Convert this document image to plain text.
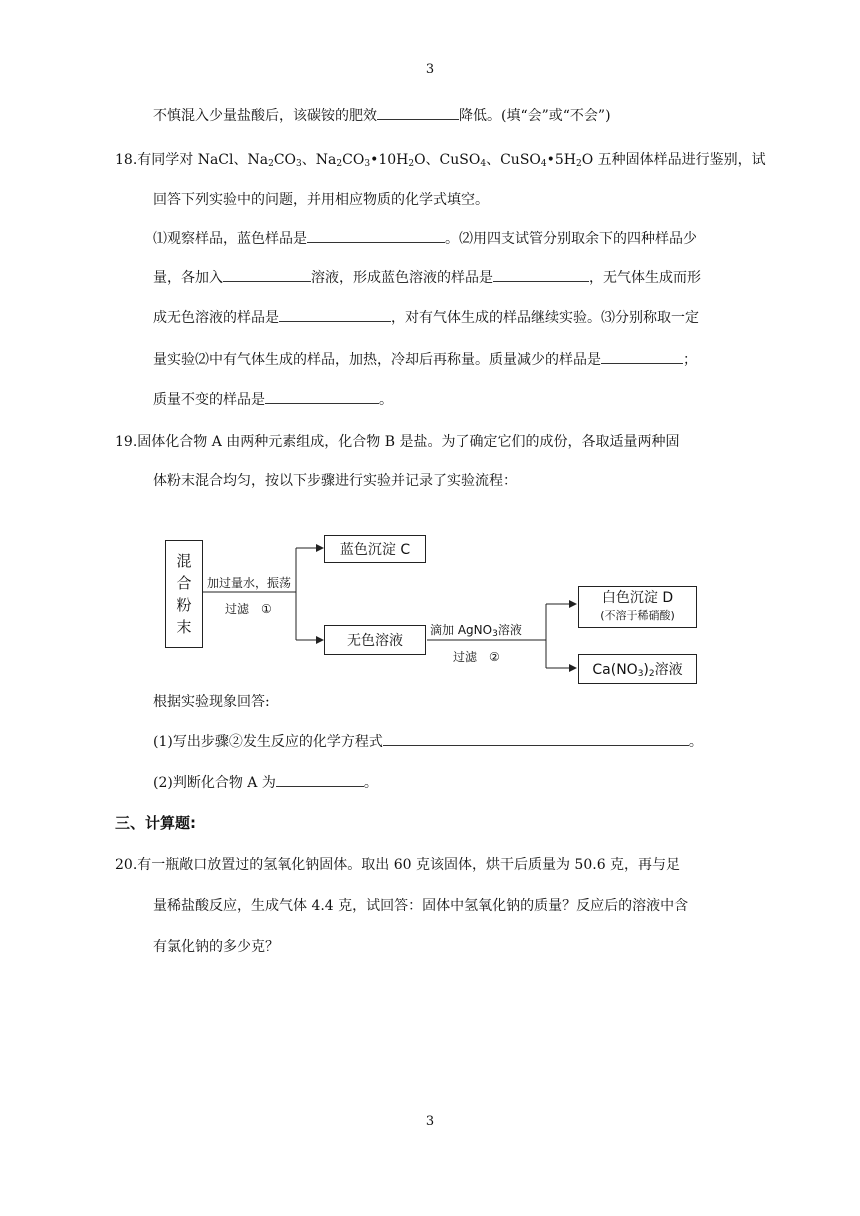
3
不慎混入少量盐酸后，该碳铵的肥效	降低。(填“会”或“不会”)
18.有同学对 NaCl、$Na_2CO_3$、$Na_2CO_3•10H_2O$、CuSO$_4$、$CuSO_4•5H_2O$ 五种固体样品进行鉴别，试
回答下列实验中的问题，并用相应物质的化学式填空。
⑴观察样品，蓝色样品是	。⑵用四支试管分别取余下的四种样品少
量，各加入	溶液，形成蓝色溶液的样品是	，无气体生成而形
成无色溶液的样品是	，对有气体生成的样品继续实验。⑶分别称取一定
量实验⑵中有气体生成的样品，加热，冷却后再称量。质量减少的样品是	；
质量不变的样品是	。
19.固体化合物 A 由两种元素组成，化合物 B 是盐。为了确定它们的成份，各取适量两种固
体粉末混合均匀，按以下步骤进行实验并记录了实验流程：
混
合
粉
末
加过量水，振荡
过滤　①
蓝色沉淀 C
无色溶液
滴加 AgNO$_3$溶液
过滤　②
白色沉淀 D
(不溶于稀硝酸)
$Ca(NO_3)_2$溶液
根据实验现象回答:
(1)写出步骤②发生反应的化学方程式	。
(2)判断化合物 A 为	。
三、计算题:
20.有一瓶敞口放置过的氢氧化钠固体。取出 60 克该固体，烘干后质量为 50.6 克，再与足
量稀盐酸反应，生成气体 4.4 克，试回答：固体中氢氧化钠的质量？反应后的溶液中含
有氯化钠的多少克？
3
